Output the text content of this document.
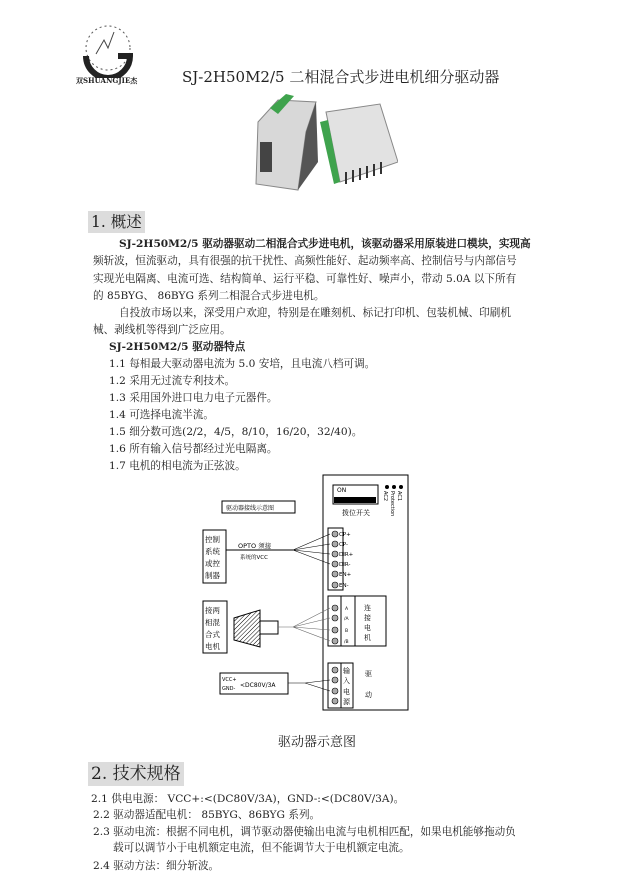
双SHUANGJIE杰	SJ-2H50M2/5 二相混合式步进电机细分驱动器
1. 概述
SJ-2H50M2/5 驱动器驱动二相混合式步进电机，该驱动器采用原装进口模块，实现高
频斩波，恒流驱动，具有很强的抗干扰性、高频性能好、起动频率高、控制信号与内部信号
实现光电隔离、电流可选、结构简单、运行平稳、可靠性好、噪声小，带动 5.0A 以下所有
的 85BYG、 86BYG 系列二相混合式步进电机。
自投放市场以来，深受用户欢迎，特别是在雕刻机、标记打印机、包装机械、印刷机
械、剥线机等得到广泛应用。
SJ-2H50M2/5 驱动器特点
1.1 每相最大驱动器电流为 5.0 安培，且电流八档可调。
1.2 采用无过流专利技术。
1.3 采用国外进口电力电子元器件。
1.4 可选择电流半流。
1.5 细分数可选(2/2，4/5，8/10，16/20，32/40)。
1.6 所有输入信号都经过光电隔离。
1.7 电机的相电流为正弦波。
驱动器接线示意图
ON
拨位开关
AC1
Protection
AC2
CP+
CP-
DIR+
DIR-
EN+
EN-
控制
系统
或控
制器
OPTO 须接
系统的VCC
A
/A
B
/B
连
接
电
机
接两
相混
合式
电机
输
入
电
源
驱
动
VCC+
GND- <DC80V/3A
驱动器示意图
2. 技术规格
2.1 供电电源： VCC+:<(DC80V/3A)，GND-:<(DC80V/3A)。
2.2 驱动器适配电机： 85BYG、86BYG 系列。
2.3 驱动电流：根据不同电机，调节驱动器使输出电流与电机相匹配，如果电机能够拖动负
载可以调节小于电机额定电流，但不能调节大于电机额定电流。
2.4 驱动方法：细分斩波。
